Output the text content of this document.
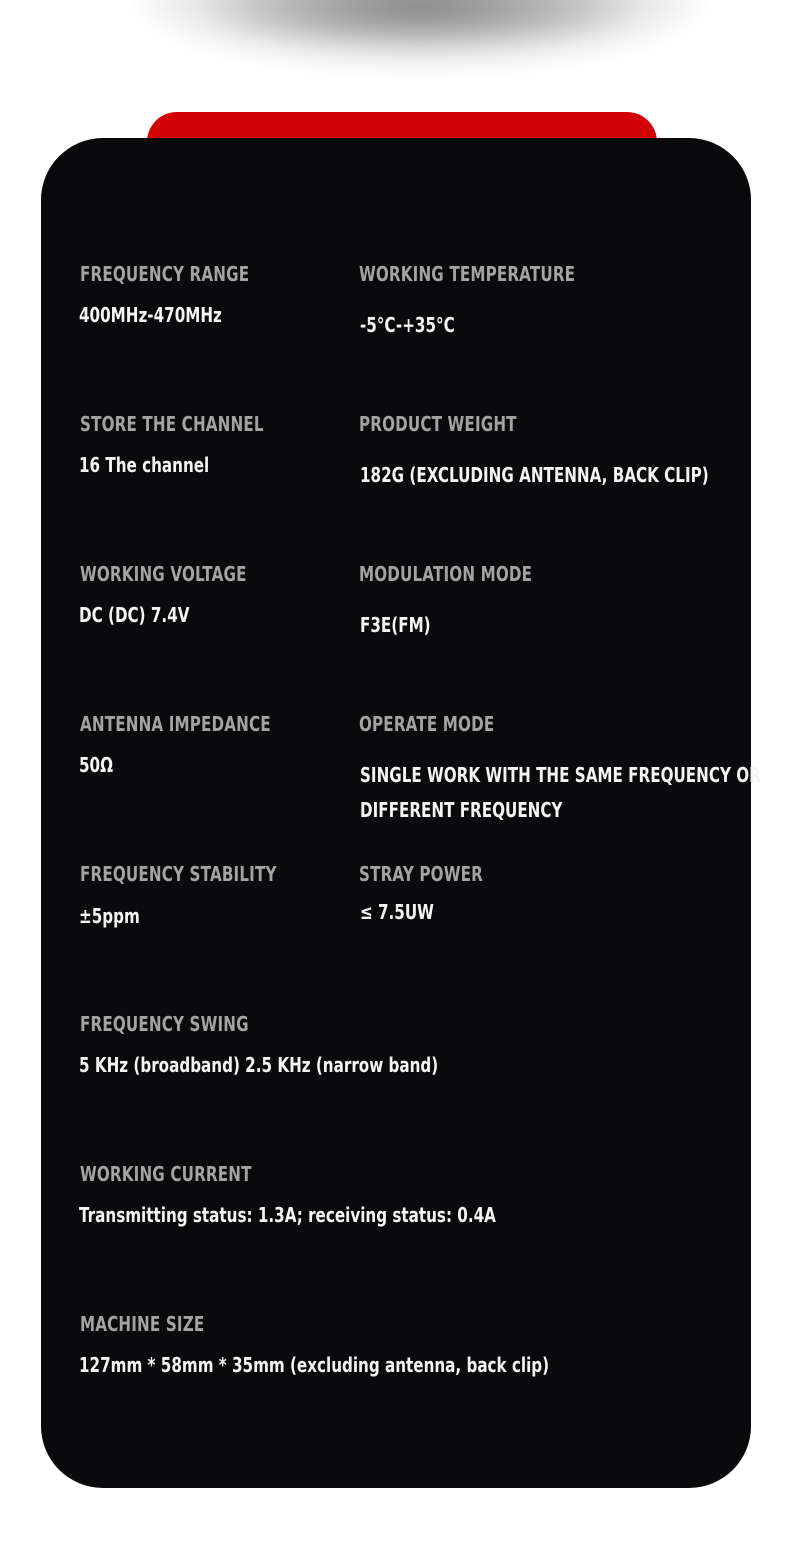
FREQUENCY RANGE
400MHz-470MHz
WORKING TEMPERATURE
-5°C-+35°C
STORE THE CHANNEL
16 The channel
PRODUCT WEIGHT
182G (EXCLUDING ANTENNA, BACK CLIP)
WORKING VOLTAGE
DC (DC) 7.4V
MODULATION MODE
F3E(FM)
ANTENNA IMPEDANCE
50Ω
OPERATE MODE
SINGLE WORK WITH THE SAME FREQUENCY OR
DIFFERENT FREQUENCY
FREQUENCY STABILITY
±5ppm
STRAY POWER
≤ 7.5UW
FREQUENCY SWING
5 KHz (broadband) 2.5 KHz (narrow band)
WORKING CURRENT
Transmitting status: 1.3A; receiving status: 0.4A
MACHINE SIZE
127mm * 58mm * 35mm (excluding antenna, back clip)
